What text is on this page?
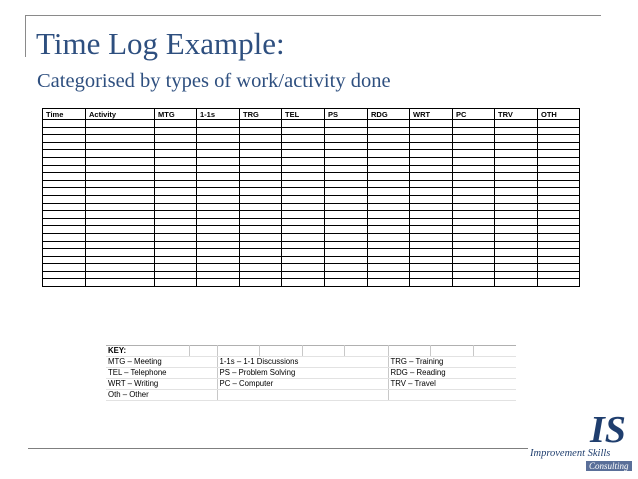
Time Log Example:
Categorised by types of work/activity done
Time	Activity	MTG	1-1s	TRG	TEL	PS	RDG	WRT	PC	TRV	OTH

KEY:								
MTG – Meeting		1-1s – 1-1 Discussions				TRG – Training		
TEL – Telephone		PS – Problem Solving				RDG – Reading		
WRT – Writing		PC – Computer				TRV – Travel		
Oth – Other								
IS
Improvement Skills
Consulting
